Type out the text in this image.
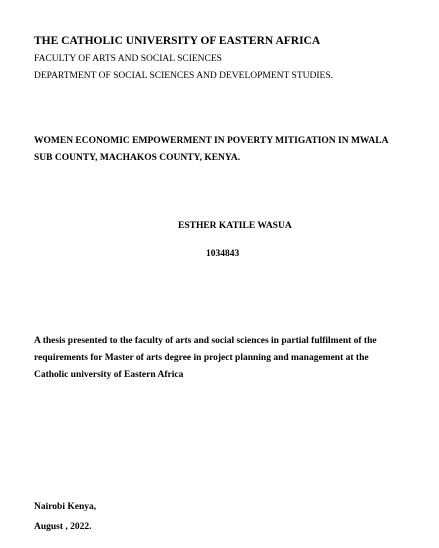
THE CATHOLIC UNIVERSITY OF EASTERN AFRICA
FACULTY OF ARTS AND SOCIAL SCIENCES
DEPARTMENT OF SOCIAL SCIENCES AND DEVELOPMENT STUDIES.
WOMEN ECONOMIC EMPOWERMENT IN POVERTY MITIGATION IN MWALA
SUB COUNTY, MACHAKOS COUNTY, KENYA.
ESTHER KATILE WASUA
1034843
A thesis presented to the faculty of arts and social sciences in partial fulfilment of the
requirements for Master of arts degree in project planning and management at the
Catholic university of Eastern Africa
Nairobi Kenya,
August , 2022.
